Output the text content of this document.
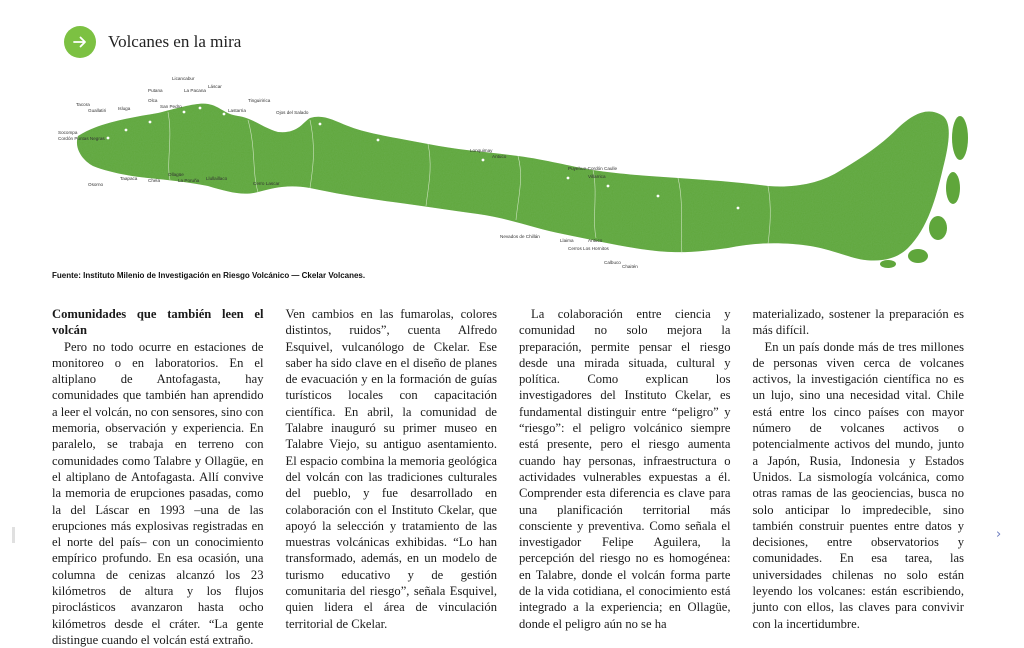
Volcanes en la mira
Licancabur
Láscar
Putana	La Pacana
Tacora
Guallatiri	Isluga
Olca
San Pedro
Tinguiririca
Lastarria	Ojos del Salado
Socompa
Cordón Puntas Negras
Osorno
Taapaca Chela
Ollagüe
La Poruña Llullaillaco
Cerro Lascar
Lonquimay
Antuco
Puyehue-Cordón Caulle
Villarrica
Nevados de Chillán
Llaima
Cerros Los Hornitos
Antuco
Calbuco
Chaitén
Fuente: Instituto Milenio de Investigación en Riesgo Volcánico — Ckelar Volcanes.

Comunidades que también leen el volcán

Pero no todo ocurre en estaciones de monitoreo o en laboratorios. En el altiplano de Antofagasta, hay comunidades que también han aprendido a leer el volcán, no con sensores, sino con memoria, observación y experiencia. En paralelo, se trabaja en terreno con comunidades como Talabre y Ollagüe, en el altiplano de Antofagasta. Allí convive la memoria de erupciones pasadas, como la del Láscar en 1993 –una de las erupciones más explosivas registradas en el norte del país– con un conocimiento empírico profundo. En esa ocasión, una columna de cenizas alcanzó los 23 kilómetros de altura y los flujos piroclásticos avanzaron hasta ocho kilómetros desde el cráter. “La gente distingue cuando el volcán está extraño.

Ven cambios en las fumarolas, colores distintos, ruidos”, cuenta Alfredo Esquivel, vulcanólogo de Ckelar. Ese saber ha sido clave en el diseño de planes de evacuación y en la formación de guías turísticos locales con capacitación científica. En abril, la comunidad de Talabre inauguró su primer museo en Talabre Viejo, su antiguo asentamiento. El espacio combina la memoria geológica del volcán con las tradiciones culturales del pueblo, y fue desarrollado en colaboración con el Instituto Ckelar, que apoyó la selección y tratamiento de las muestras volcánicas exhibidas. “Lo han transformado, además, en un modelo de turismo educativo y de gestión comunitaria del riesgo”, señala Esquivel, quien lidera el área de vinculación territorial de Ckelar.

La colaboración entre ciencia y comunidad no solo mejora la preparación, permite pensar el riesgo desde una mirada situada, cultural y política. Como explican los investigadores del Instituto Ckelar, es fundamental distinguir entre “peligro” y “riesgo”: el peligro volcánico siempre está presente, pero el riesgo aumenta cuando hay personas, infraestructura o actividades vulnerables expuestas a él. Comprender esta diferencia es clave para una planificación territorial más consciente y preventiva. Como señala el investigador Felipe Aguilera, la percepción del riesgo no es homogénea: en Talabre, donde el volcán forma parte de la vida cotidiana, el conocimiento está integrado a la experiencia; en Ollagüe, donde el peligro aún no se ha

materializado, sostener la preparación es más difícil.

En un país donde más de tres millones de personas viven cerca de volcanes activos, la investigación científica no es un lujo, sino una necesidad vital. Chile está entre los cinco países con mayor número de volcanes activos o potencialmente activos del mundo, junto a Japón, Rusia, Indonesia y Estados Unidos. La sismología volcánica, como otras ramas de las geociencias, busca no solo anticipar lo impredecible, sino también construir puentes entre datos y decisiones, entre observatorios y comunidades. En esa tarea, las universidades chilenas no solo están leyendo los volcanes: están escribiendo, junto con ellos, las claves para convivir con la incertidumbre.

›
